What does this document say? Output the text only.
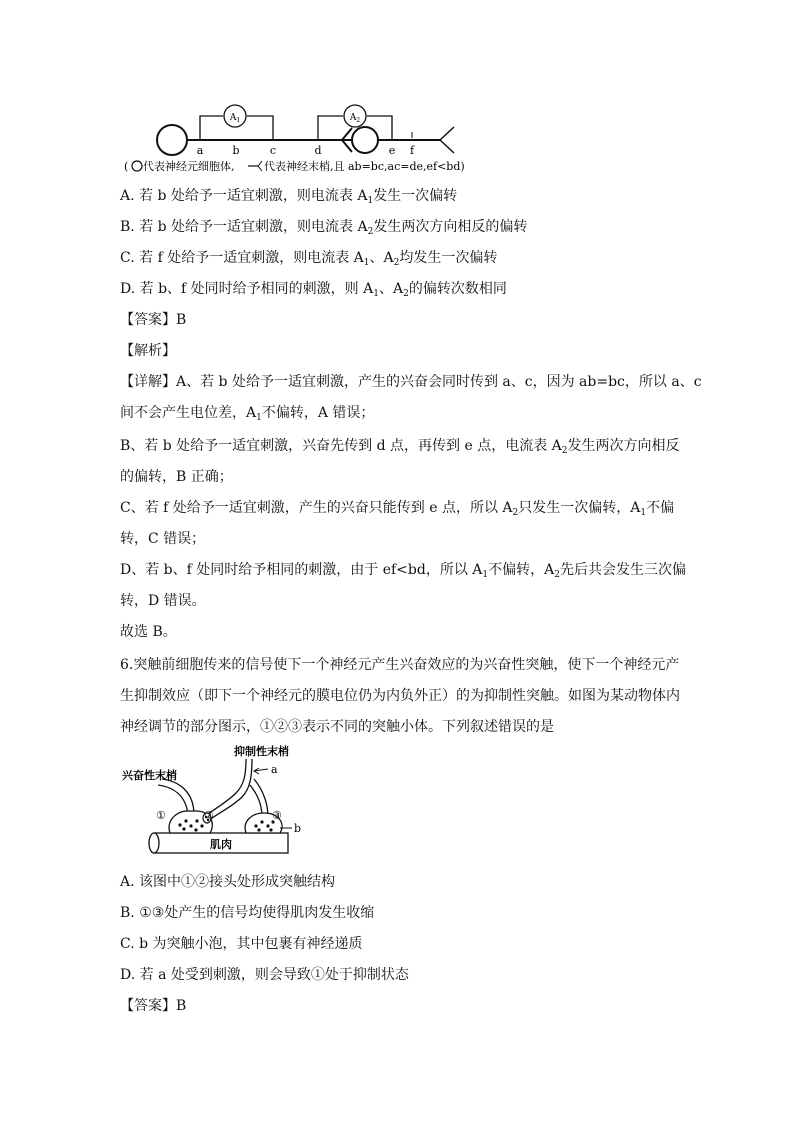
$A_1$	$A_2$
a	b	c	d	e f
( 代表神经元细胞体,	代表神经末梢,且 ab=bc,ac=de,ef<bd)
A. 若 b 处给予一适宜刺激，则电流表 $A_1$发生一次偏转
B. 若 b 处给予一适宜刺激，则电流表 $A_2$发生两次方向相反的偏转
C. 若 f 处给予一适宜刺激，则电流表 $A_1$、$A_2$均发生一次偏转
D. 若 b、f 处同时给予相同的刺激，则 $A_1$、$A_2$的偏转次数相同
【答案】B
【解析】
【详解】A、若 b 处给予一适宜刺激，产生的兴奋会同时传到 a、c，因为 ab=bc，所以 a、c
间不会产生电位差，$A_1$不偏转，A 错误；
B、若 b 处给予一适宜刺激，兴奋先传到 d 点，再传到 e 点，电流表 $A_2$发生两次方向相反
的偏转，B 正确；
C、若 f 处给予一适宜刺激，产生的兴奋只能传到 e 点，所以 $A_2$只发生一次偏转，$A_1$不偏
转，C 错误；
D、若 b、f 处同时给予相同的刺激，由于 ef<bd，所以 $A_1$不偏转，$A_2$先后共会发生三次偏
转，D 错误。
故选 B。
6.突触前细胞传来的信号使下一个神经元产生兴奋效应的为兴奋性突触，使下一个神经元产
生抑制效应（即下一个神经元的膜电位仍为内负外正）的为抑制性突触。如图为某动物体内
神经调节的部分图示，①②③表示不同的突触小体。下列叙述错误的是
肌肉
抑制性末梢
兴奋性末梢	a
b
①	②	③
A. 该图中①②接头处形成突触结构
B. ①③处产生的信号均使得肌肉发生收缩
C. b 为突触小泡，其中包裹有神经递质
D. 若 a 处受到刺激，则会导致①处于抑制状态
【答案】B
